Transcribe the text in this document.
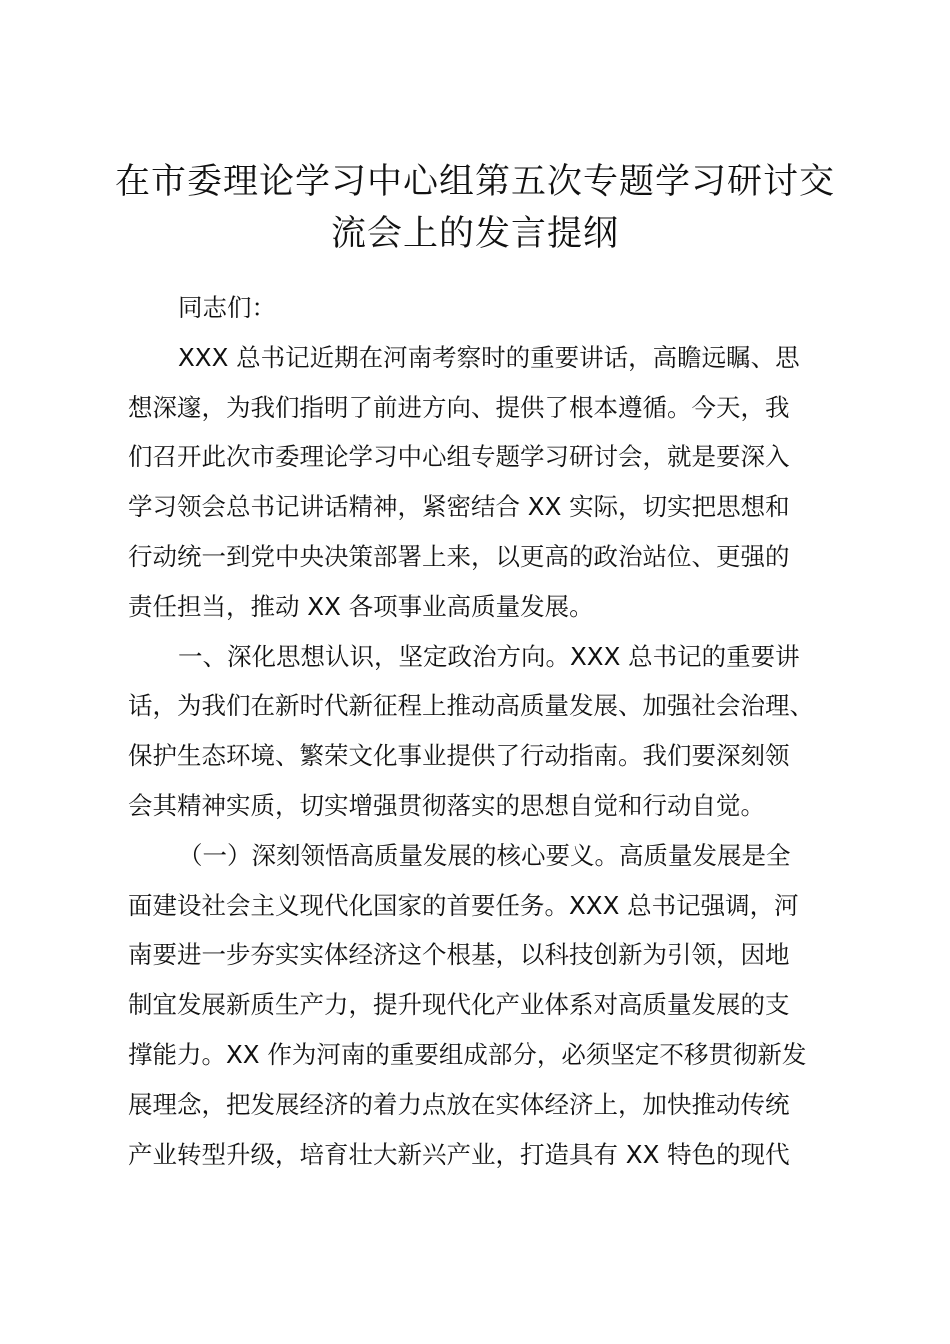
在市委理论学习中心组第五次专题学习研讨交
流会上的发言提纲
同志们：
XXX 总书记近期在河南考察时的重要讲话，高瞻远瞩、思
想深邃，为我们指明了前进方向、提供了根本遵循。今天，我
们召开此次市委理论学习中心组专题学习研讨会，就是要深入
学习领会总书记讲话精神，紧密结合 XX 实际，切实把思想和
行动统一到党中央决策部署上来，以更高的政治站位、更强的
责任担当，推动 XX 各项事业高质量发展。
一、深化思想认识，坚定政治方向。XXX 总书记的重要讲
话，为我们在新时代新征程上推动高质量发展、加强社会治理、
保护生态环境、繁荣文化事业提供了行动指南。我们要深刻领
会其精神实质，切实增强贯彻落实的思想自觉和行动自觉。
（一）深刻领悟高质量发展的核心要义。高质量发展是全
面建设社会主义现代化国家的首要任务。XXX 总书记强调，河
南要进一步夯实实体经济这个根基，以科技创新为引领，因地
制宜发展新质生产力，提升现代化产业体系对高质量发展的支
撑能力。XX 作为河南的重要组成部分，必须坚定不移贯彻新发
展理念，把发展经济的着力点放在实体经济上，加快推动传统
产业转型升级，培育壮大新兴产业，打造具有 XX 特色的现代
